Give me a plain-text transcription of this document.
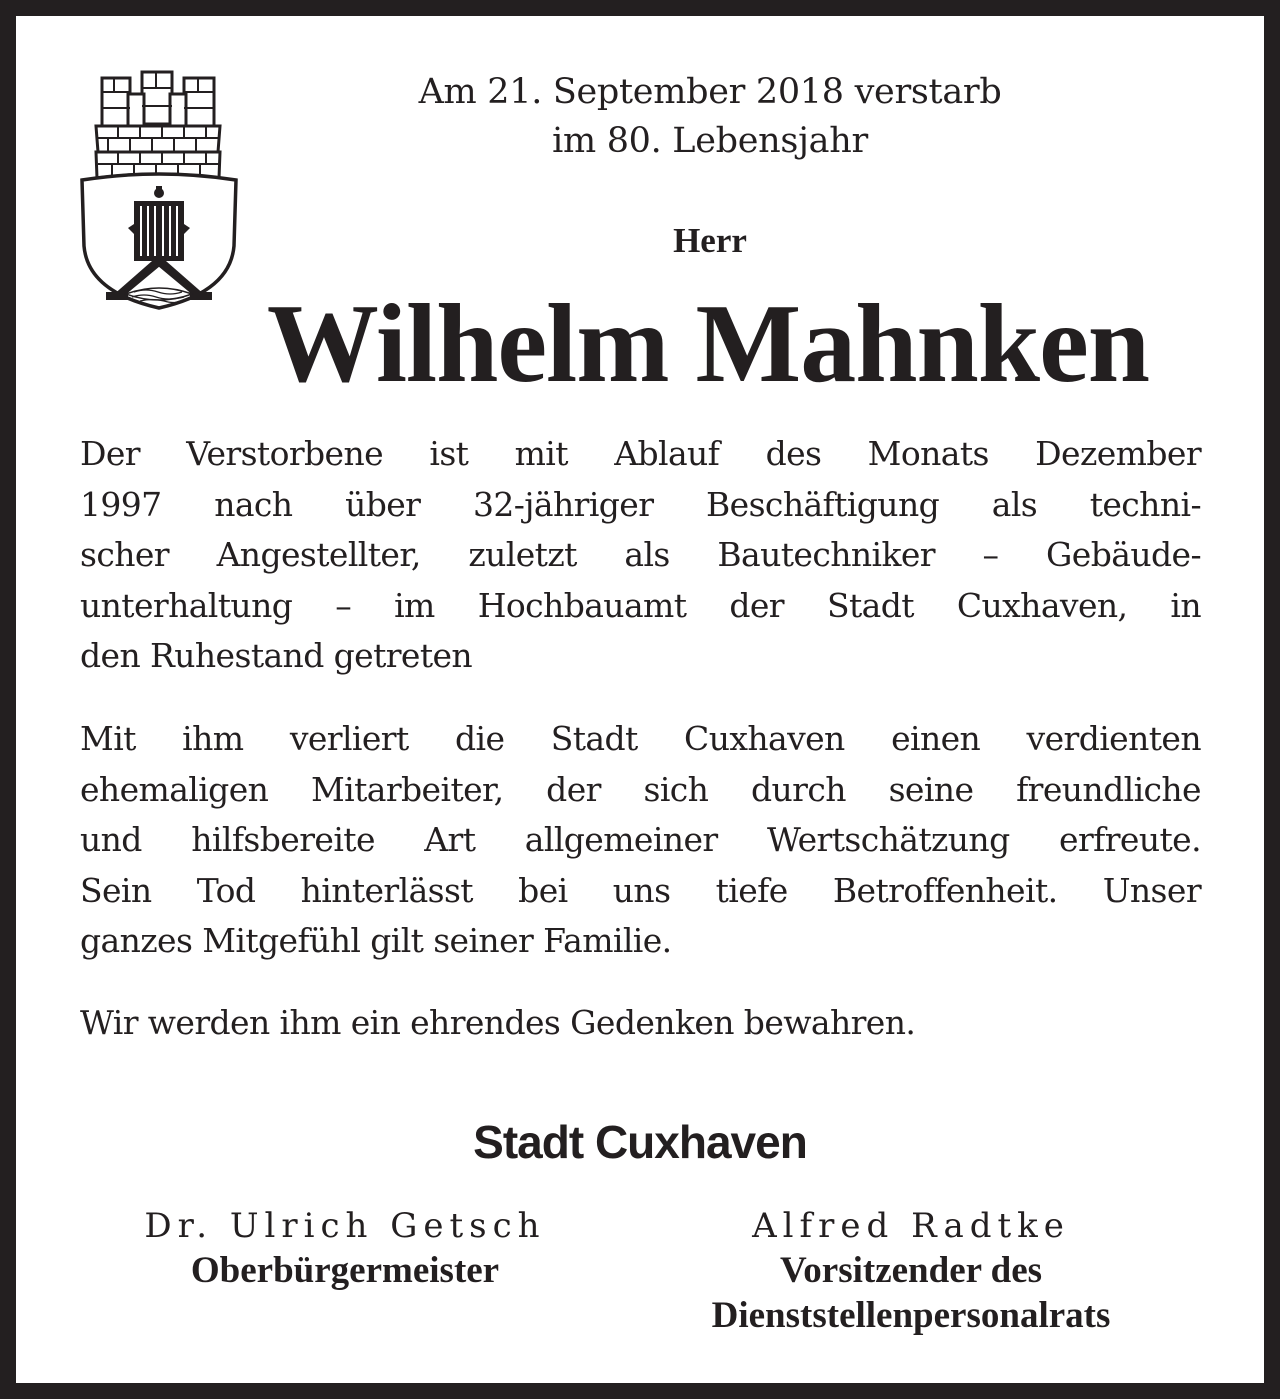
Am 21. September 2018 verstarb
im 80. Lebensjahr
Herr
Wilhelm Mahnken
Der Verstorbene ist mit Ablauf des Monats Dezember
1997 nach über 32-jähriger Beschäftigung als techni-
scher Angestellter, zuletzt als Bautechniker – Gebäude-
unterhaltung – im Hochbauamt der Stadt Cuxhaven, in
den Ruhestand getreten
Mit ihm verliert die Stadt Cuxhaven einen verdienten
ehemaligen Mitarbeiter, der sich durch seine freundliche
und hilfsbereite Art allgemeiner Wertschätzung erfreute.
Sein Tod hinterlässt bei uns tiefe Betroffenheit. Unser
ganzes Mitgefühl gilt seiner Familie.
Wir werden ihm ein ehrendes Gedenken bewahren.
Stadt Cuxhaven
Dr. Ulrich Getsch
Oberbürgermeister
Alfred Radtke
Vorsitzender des
Dienststellenpersonalrats
